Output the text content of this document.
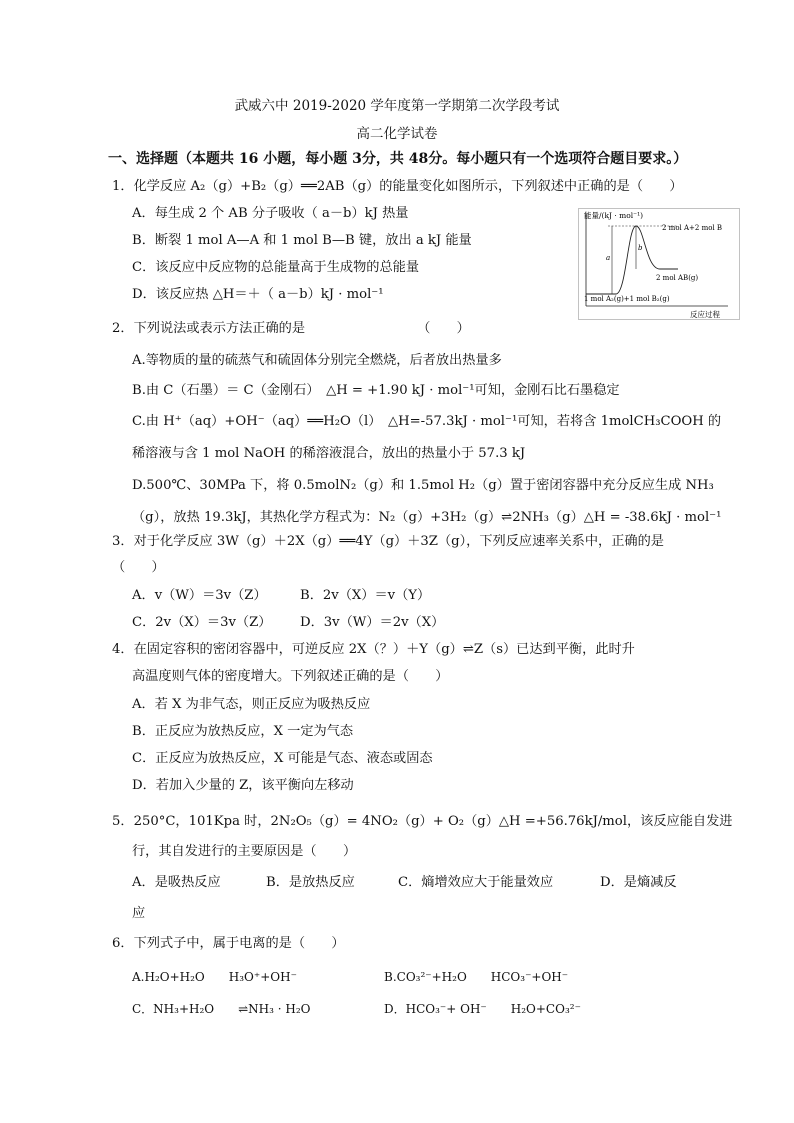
武威六中 2019-2020 学年度第一学期第二次学段考试
高二化学试卷
一、选择题（本题共 16 小题，每小题 3分，共 48分。每小题只有一个选项符合题目要求。）
1．化学反应 A₂（g）+B₂（g）══2AB（g）的能量变化如图所示，下列叙述中正确的是（　　）
A．每生成 2 个 AB 分子吸收（ a－b）kJ 热量
B．断裂 1 mol A—A 和 1 mol B—B 键，放出 a kJ 能量
C．该反应中反应物的总能量高于生成物的总能量
D．该反应热 △H＝＋（ a－b）kJ · mol⁻¹
能量/(kJ · mol⁻¹)
2 mol A+2 mol B
2 mol AB(g)
1 mol A₂(g)+1 mol B₂(g)
a
b
反应过程
2．下列说法或表示方法正确的是　　　　　　　　　（　　）
A.等物质的量的硫蒸气和硫固体分别完全燃烧，后者放出热量多
B.由 C（石墨）＝ C（金刚石）　△H = +1.90 kJ · mol⁻¹可知，金刚石比石墨稳定
C.由 H⁺（aq）+OH⁻（aq）══H₂O（l）　△H=-57.3kJ · mol⁻¹可知，若将含 1molCH₃COOH 的
稀溶液与含 1 mol NaOH 的稀溶液混合，放出的热量小于 57.3 kJ
D.500℃、30MPa 下，将 0.5molN₂（g）和 1.5mol H₂（g）置于密闭容器中充分反应生成 NH₃
（g），放热 19.3kJ，其热化学方程式为：N₂（g）+3H₂（g）⇌2NH₃（g）△H = -38.6kJ · mol⁻¹
3．对于化学反应 3W（g）＋2X（g）══4Y（g）＋3Z（g），下列反应速率关系中，正确的是
（　　）
A．v（W）＝3v（Z）	B．2v（X）＝v（Y）
C．2v（X）＝3v（Z） D．3v（W）＝2v（X）
4．在固定容积的密闭容器中，可逆反应 2X（？）＋Y（g）⇌Z（s）已达到平衡，此时升
高温度则气体的密度增大。下列叙述正确的是（　　）
A．若 X 为非气态，则正反应为吸热反应
B．正反应为放热反应，X 一定为气态
C．正反应为放热反应，X 可能是气态、液态或固态
D．若加入少量的 Z，该平衡向左移动
5．250°C，101Kpa 时，2N₂O₅（g）= 4NO₂（g）+ O₂（g）△H =+56.76kJ/mol，该反应能自发进
行，其自发进行的主要原因是（　　）
A．是吸热反应	B．是放热反应	C．熵增效应大于能量效应	D．是熵减反
应
6．下列式子中，属于电离的是（　　）
A.H₂O+H₂O　　H₃O⁺+OH⁻	B.CO₃²⁻+H₂O　　HCO₃⁻+OH⁻
C．NH₃+H₂O　　⇌NH₃ · H₂O	D．HCO₃⁻+ OH⁻　　H₂O+CO₃²⁻
